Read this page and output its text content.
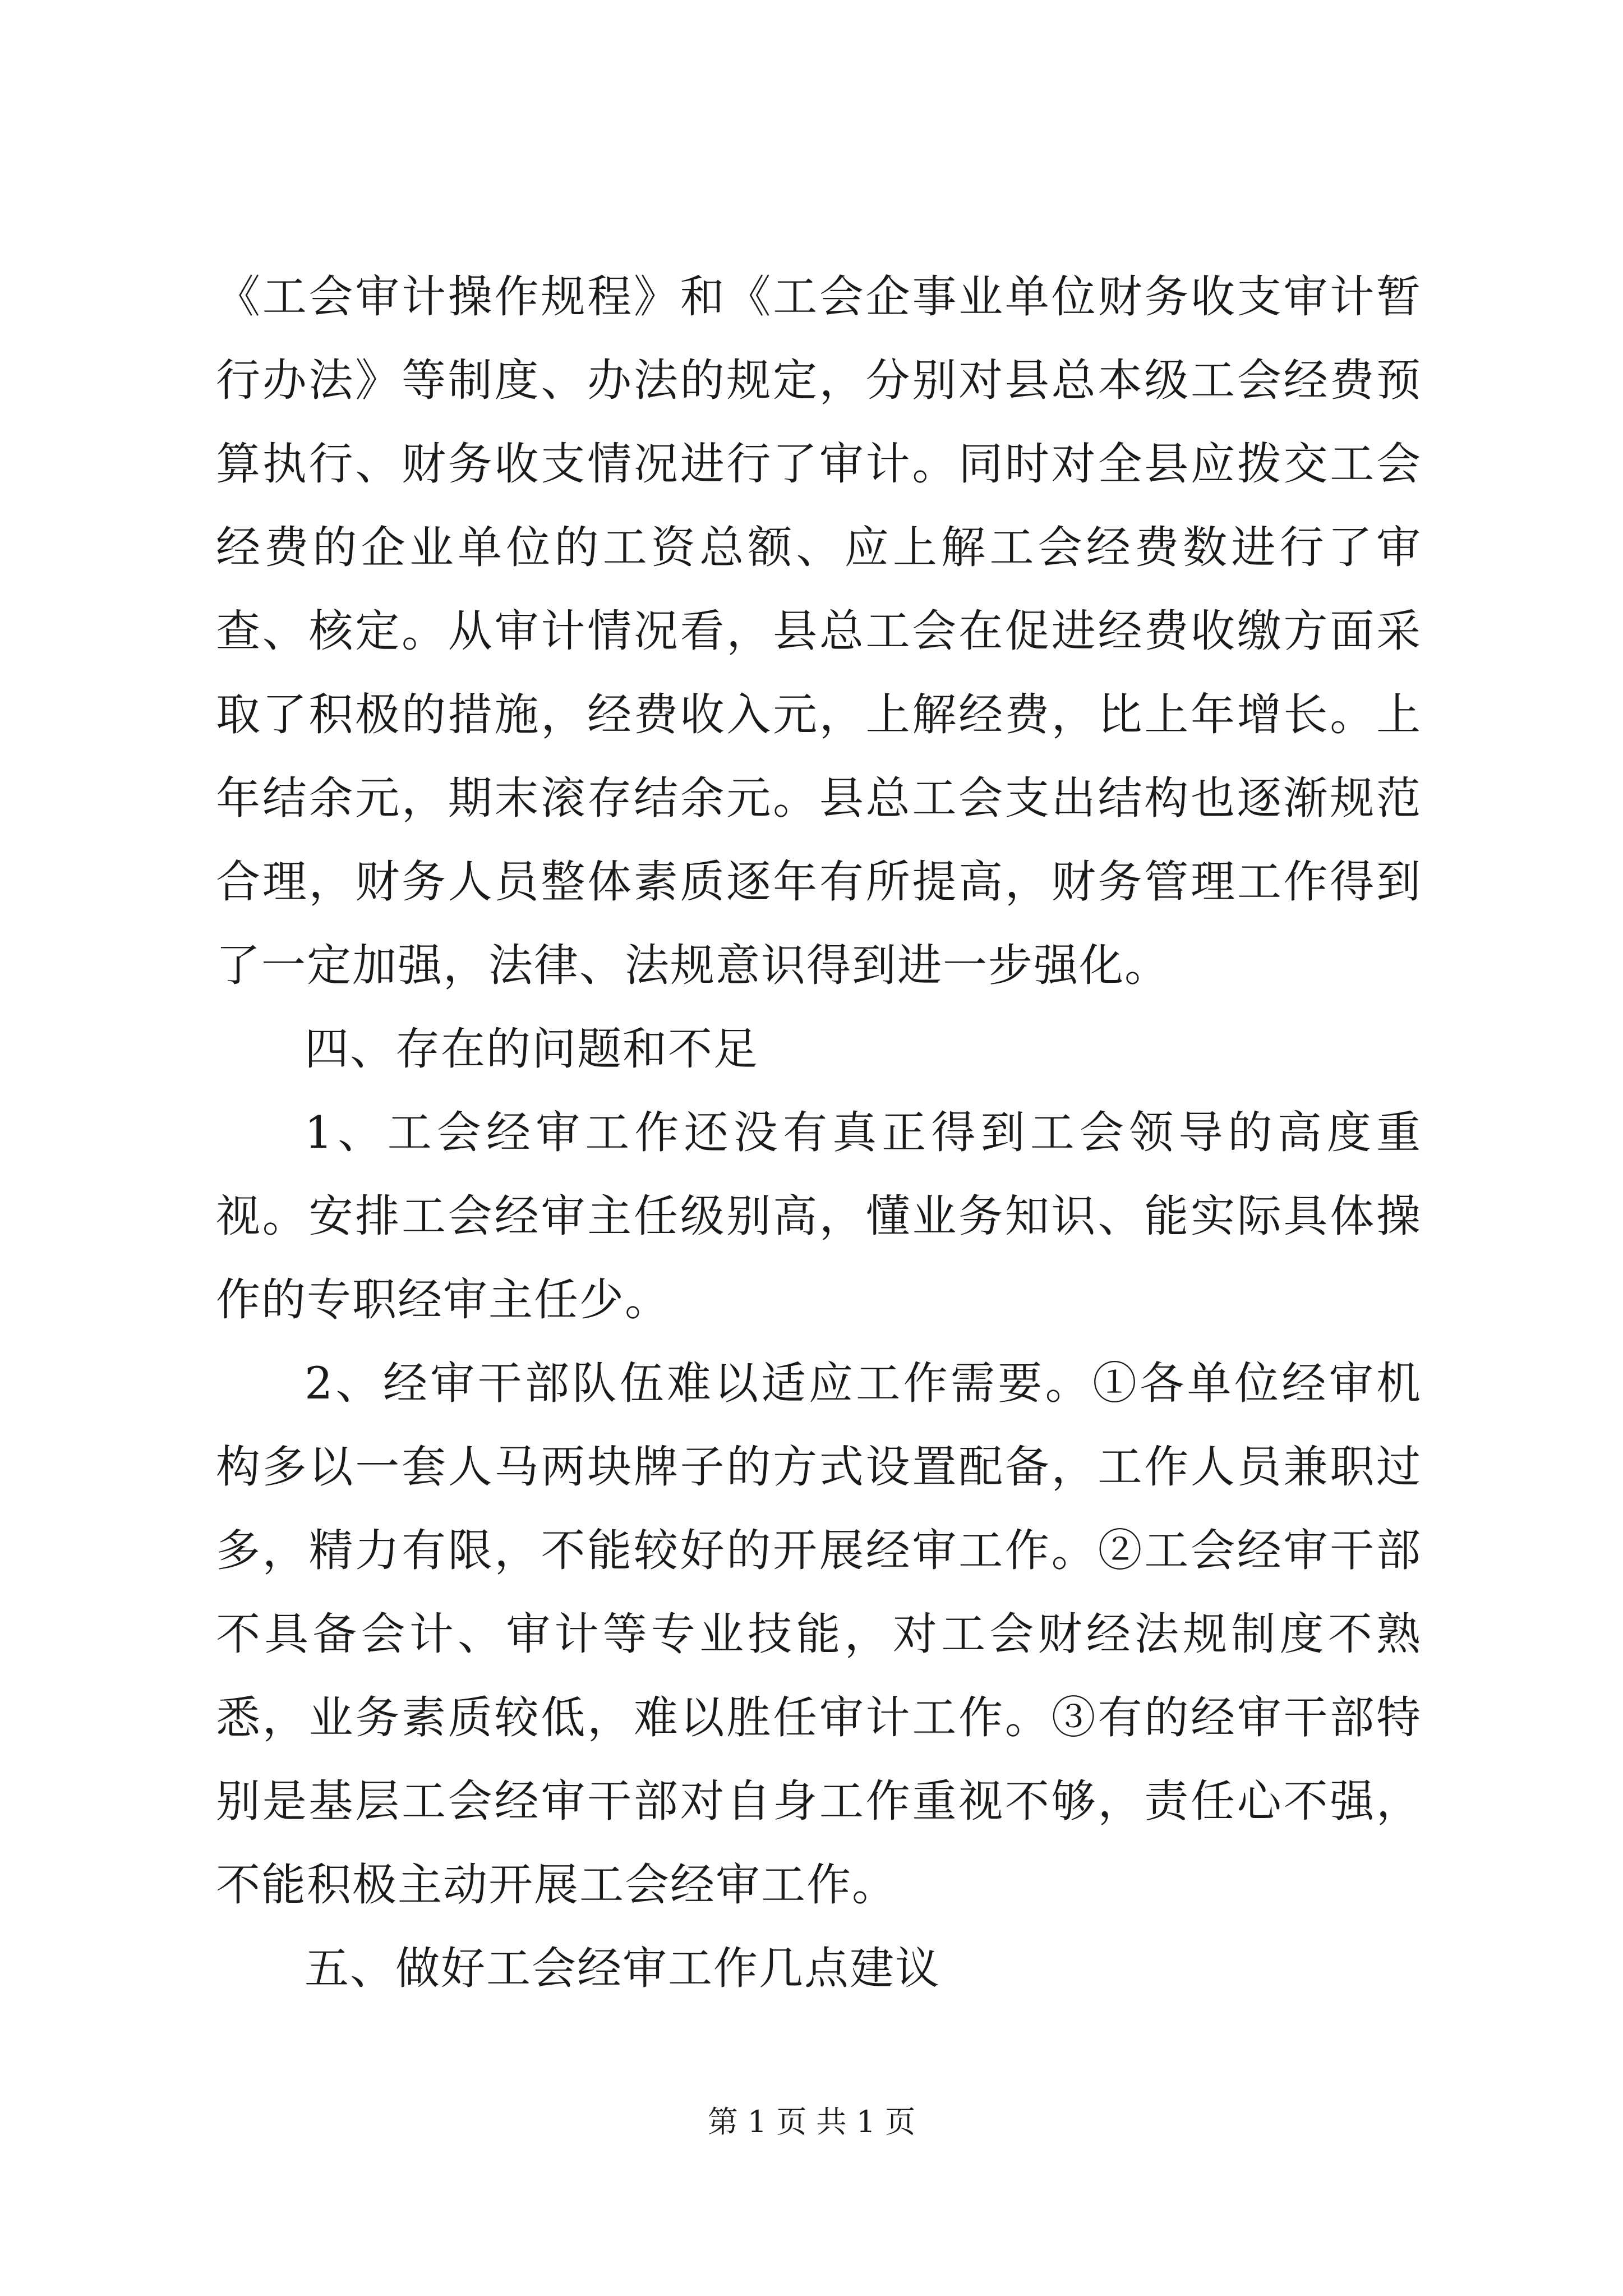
《工会审计操作规程》和《工会企事业单位财务收支审计暂行办法》等制度、办法的规定，分别对县总本级工会经费预算执行、财务收支情况进行了审计。同时对全县应拨交工会经费的企业单位的工资总额、应上解工会经费数进行了审查、核定。从审计情况看，县总工会在促进经费收缴方面采取了积极的措施，经费收入元，上解经费，比上年增长。上年结余元，期末滚存结余元。县总工会支出结构也逐渐规范合理，财务人员整体素质逐年有所提高，财务管理工作得到了一定加强，法律、法规意识得到进一步强化。

四、存在的问题和不足

1、工会经审工作还没有真正得到工会领导的高度重视。安排工会经审主任级别高，懂业务知识、能实际具体操作的专职经审主任少。

2、经审干部队伍难以适应工作需要。①各单位经审机构多以一套人马两块牌子的方式设置配备，工作人员兼职过多，精力有限，不能较好的开展经审工作。②工会经审干部不具备会计、审计等专业技能，对工会财经法规制度不熟悉，业务素质较低，难以胜任审计工作。③有的经审干部特别是基层工会经审干部对自身工作重视不够，责任心不强，不能积极主动开展工会经审工作。

五、做好工会经审工作几点建议

第 1 页 共 1 页
